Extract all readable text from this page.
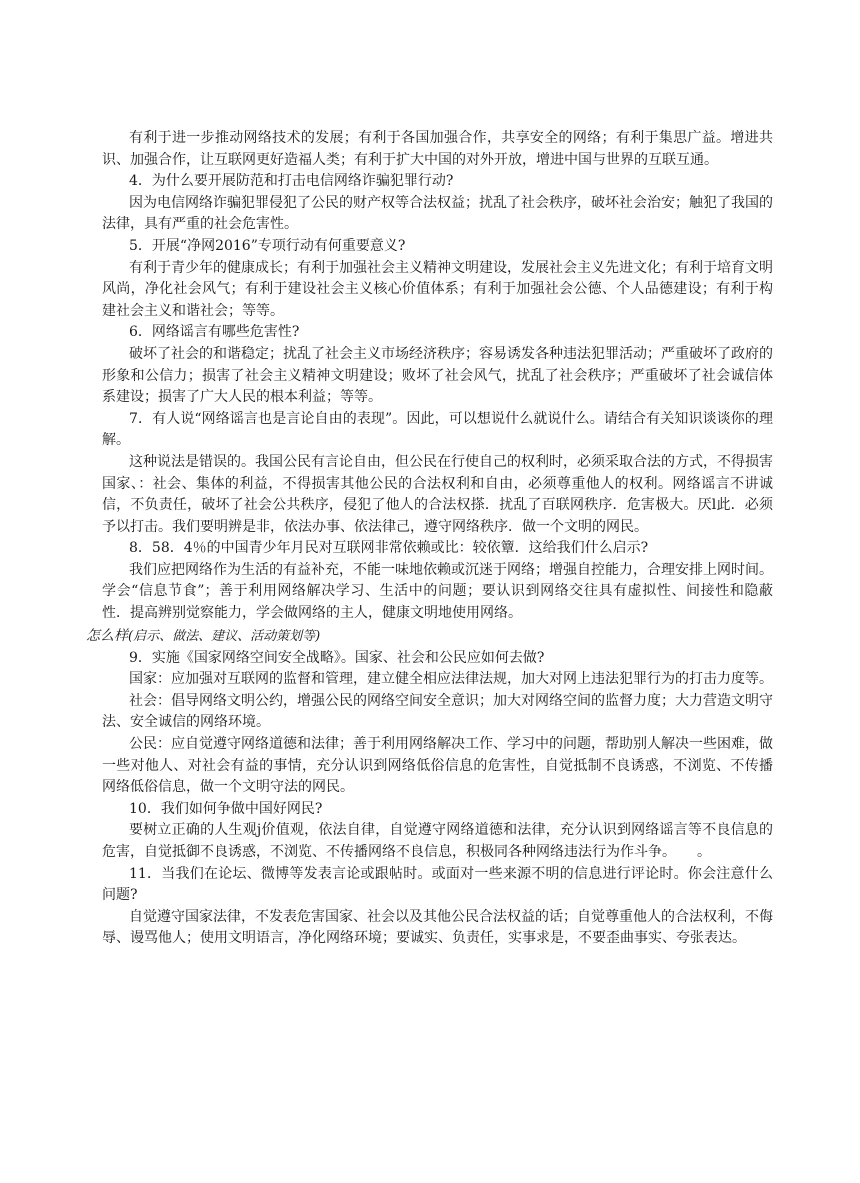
有利于进一步推动网络技术的发展；有利于各国加强合作，共享安全的网络；有利于集思广益。增进共识、加强合作，让互联网更好造福人类；有利于扩大中国的对外开放，增进中国与世界的互联互通。

4．为什么要开展防范和打击电信网络诈骗犯罪行动?

因为电信网络诈骗犯罪侵犯了公民的财产权等合法权益；扰乱了社会秩序，破坏社会治安；触犯了我国的法律，具有严重的社会危害性。

5．开展“净网2016”专项行动有何重要意义?

有利于青少年的健康成长；有利于加强社会主义精神文明建设，发展社会主义先进文化；有利于培育文明风尚，净化社会风气；有利于建设社会主义核心价值体系；有利于加强社会公德、个人品德建设；有利于构建社会主义和谐社会；等等。

6．网络谣言有哪些危害性?

破坏了社会的和谐稳定；扰乱了社会主义市场经济秩序；容易诱发各种违法犯罪活动；严重破坏了政府的形象和公信力；损害了社会主义精神文明建设；败坏了社会风气，扰乱了社会秩序；严重破坏了社会诚信体系建设；损害了广大人民的根本利益；等等。

7．有人说“网络谣言也是言论自由的表现”。因此，可以想说什么就说什么。请结合有关知识谈谈你的理解。

这种说法是错误的。我国公民有言论自由，但公民在行使自己的权利时，必须采取合法的方式，不得损害国家、：社会、集体的利益，不得损害其他公民的合法权利和自由，必须尊重他人的权利。网络谣言不讲诚信，不负责任，破坏了社会公共秩序，侵犯了他人的合法权搽．扰乱了百联网秩序．危害极大。厌l此．必须予以打击。我们要明辨是非，依法办事、依法律己，遵守网络秩序．做一个文明的网民。

8．58．4％的中国青少年月民对互联网非常依赖或比：较依簟．这给我们什么启示?

我们应把网络作为生活的有益补充，不能一味地依赖或沉迷于网络；增强自控能力，合理安排上网时间。学会“信息节食”；善于利用网络解决学习、生活中的问题；要认识到网络交往具有虚拟性、间接性和隐蔽性．提高辨别觉察能力，学会做网络的主人，健康文明地使用网络。

怎么样(启示、做法、建议、活动策划等)

9．实施《国家网络空间安全战略》。国家、社会和公民应如何去做?

国家：应加强对互联网的监督和管理，建立健全相应法律法规，加大对网上违法犯罪行为的打击力度等。

社会：倡导网络文明公约，增强公民的网络空间安全意识；加大对网络空间的监督力度；大力营造文明守法、安全诚信的网络环境。

公民：应自觉遵守网络道德和法律；善于利用网络解决工作、学习中的问题，帮助别人解决一些困难，做一些对他人、对社会有益的事情，充分认识到网络低俗信息的危害性，自觉抵制不良诱惑，不浏览、不传播网络低俗信息，做一个文明守法的网民。

10．我们如何争做中国好网民?

要树立正确的人生观j价值观，依法自律，自觉遵守网络道德和法律，充分认识到网络谣言等不良信息的危害，自觉抵御不良诱惑，不浏览、不传播网络不良信息，积极同各种网络违法行为作斗争。　　。

11．当我们在论坛、微博等发表言论或跟帖时。或面对一些来源不明的信息进行评论时。你会注意什么问题?

自觉遵守国家法律，不发表危害国家、社会以及其他公民合法权益的话；自觉尊重他人的合法权利，不侮辱、谩骂他人；使用文明语言，净化网络环境；要诚实、负责任，实事求是，不要歪曲事实、夸张表达。
